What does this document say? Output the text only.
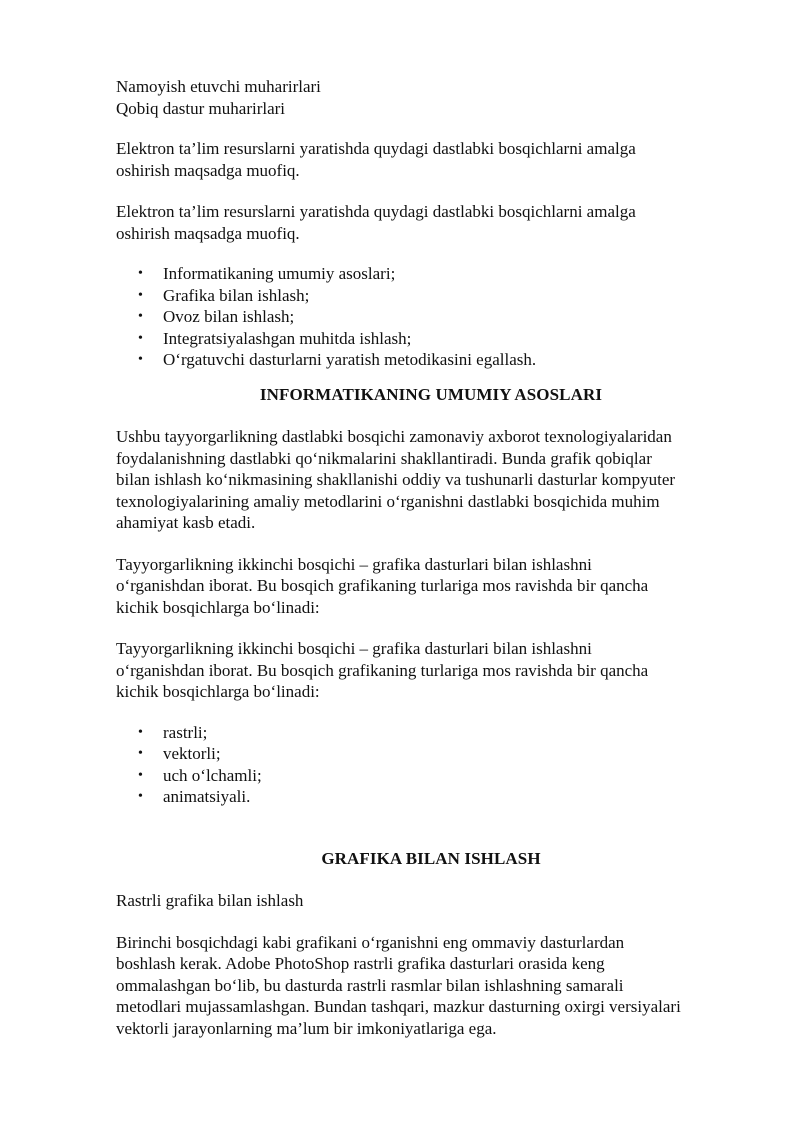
Namoyish etuvchi muharirlari
Qobiq dastur muharirlari

Elektron ta’lim resurslarni yaratishda quydagi dastlabki bosqichlarni amalga
oshirish maqsadga muofiq.

Elektron ta’lim resurslarni yaratishda quydagi dastlabki bosqichlarni amalga
oshirish maqsadga muofiq.

• Informatikaning umumiy asoslari;
• Grafika bilan ishlash;
• Ovoz bilan ishlash;
• Integratsiyalashgan muhitda ishlash;
• O‘rgatuvchi dasturlarni yaratish metodikasini egallash.
INFORMATIKANING UMUMIY ASOSLARI

Ushbu tayyorgarlikning dastlabki bosqichi zamonaviy axborot texnologiyalaridan
foydalanishning dastlabki qo‘nikmalarini shakllantiradi. Bunda grafik qobiqlar
bilan ishlash ko‘nikmasining shakllanishi oddiy va tushunarli dasturlar kompyuter
texnologiyalarining amaliy metodlarini o‘rganishni dastlabki bosqichida muhim
ahamiyat kasb etadi.

Tayyorgarlikning ikkinchi bosqichi – grafika dasturlari bilan ishlashni
o‘rganishdan iborat. Bu bosqich grafikaning turlariga mos ravishda bir qancha
kichik bosqichlarga bo‘linadi:

Tayyorgarlikning ikkinchi bosqichi – grafika dasturlari bilan ishlashni
o‘rganishdan iborat. Bu bosqich grafikaning turlariga mos ravishda bir qancha
kichik bosqichlarga bo‘linadi:

• rastrli;
• vektorli;
• uch o‘lchamli;
• animatsiyali.
GRAFIKA BILAN ISHLASH

Rastrli grafika bilan ishlash

Birinchi bosqichdagi kabi grafikani o‘rganishni eng ommaviy dasturlardan
boshlash kerak. Adobe PhotoShop rastrli grafika dasturlari orasida keng
ommalashgan bo‘lib, bu dasturda rastrli rasmlar bilan ishlashning samarali
metodlari mujassamlashgan. Bundan tashqari, mazkur dasturning oxirgi versiyalari
vektorli jarayonlarning ma’lum bir imkoniyatlariga ega.
